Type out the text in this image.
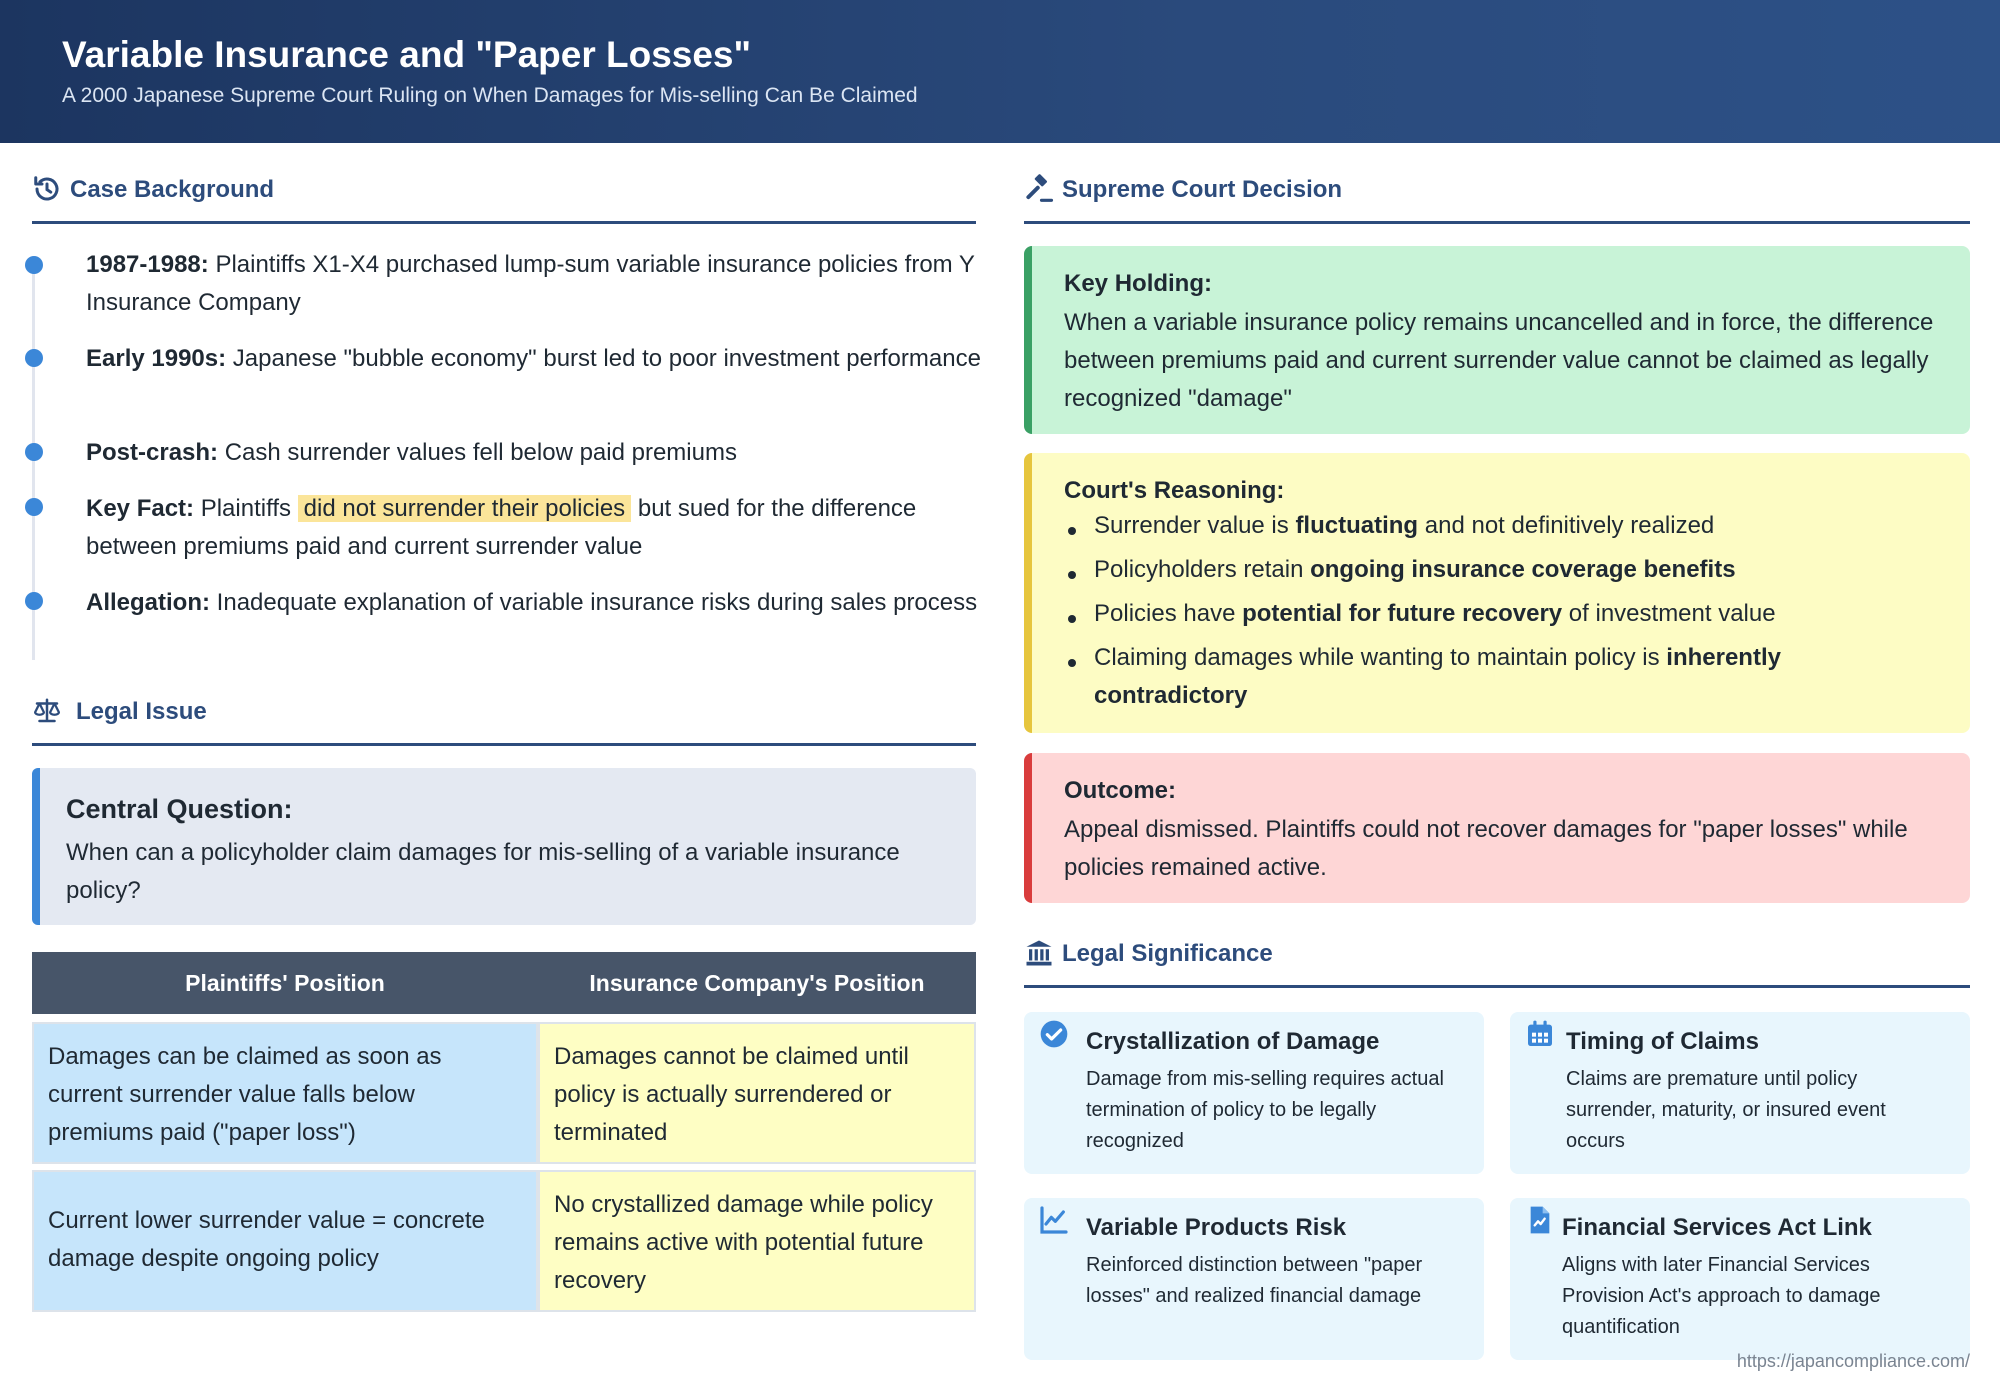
Variable Insurance and "Paper Losses"

A 2000 Japanese Supreme Court Ruling on When Damages for Mis-selling Can Be Claimed

Case Background
1987-1988: Plaintiffs X1-X4 purchased lump-sum variable insurance policies from Y Insurance Company
Early 1990s: Japanese "bubble economy" burst led to poor investment performance
Post-crash: Cash surrender values fell below paid premiums
Key Fact: Plaintiffs did not surrender their policies but sued for the difference between premiums paid and current surrender value
Allegation: Inadequate explanation of variable insurance risks during sales process
Legal Issue
Central Question:
When can a policyholder claim damages for mis-selling of a variable insurance policy?
Plaintiffs' Position	Insurance Company's Position
Damages can be claimed as soon as current surrender value falls below premiums paid ("paper loss")
Damages cannot be claimed until policy is actually surrendered or terminated
Current lower surrender value = concrete damage despite ongoing policy
No crystallized damage while policy remains active with potential future recovery
Supreme Court Decision
Key Holding:
When a variable insurance policy remains uncancelled and in force, the difference between premiums paid and current surrender value cannot be claimed as legally recognized "damage"
Court's Reasoning:
Surrender value is fluctuating and not definitively realized
Policyholders retain ongoing insurance coverage benefits
Policies have potential for future recovery of investment value
Claiming damages while wanting to maintain policy is inherently contradictory
Outcome:
Appeal dismissed. Plaintiffs could not recover damages for "paper losses" while policies remained active.
Legal Significance
Crystallization of Damage
Damage from mis-selling requires actual termination of policy to be legally recognized
Timing of Claims
Claims are premature until policy surrender, maturity, or insured event occurs
Variable Products Risk
Reinforced distinction between "paper losses" and realized financial damage
Financial Services Act Link
Aligns with later Financial Services Provision Act's approach to damage quantification
https://japancompliance.com/
